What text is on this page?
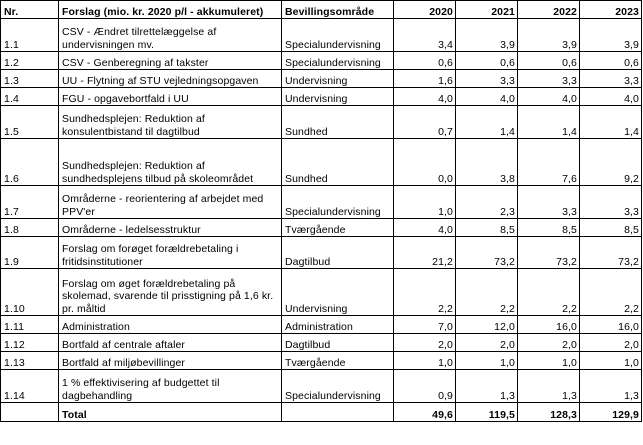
Nr.	Forslag (mio. kr. 2020 p/l - akkumuleret)	Bevillingsområde	2020	2021	2022	2023
1.1	CSV - Ændret tilrettelæggelse af undervisningen mv.	Specialundervisning	3,4	3,9	3,9	3,9
1.2	CSV - Genberegning af takster	Specialundervisning	0,6	0,6	0,6	0,6
1.3	UU - Flytning af STU vejledningsopgaven	Undervisning	1,6	3,3	3,3	3,3
1.4	FGU - opgavebortfald i UU	Undervisning	4,0	4,0	4,0	4,0
1.5	Sundhedsplejen: Reduktion af konsulentbistand til dagtilbud	Sundhed	0,7	1,4	1,4	1,4
1.6	Sundhedsplejen: Reduktion af sundhedsplejens tilbud på skoleområdet	Sundhed	0,0	3,8	7,6	9,2
1.7	Områderne - reorientering af arbejdet med PPV'er	Specialundervisning	1,0	2,3	3,3	3,3
1.8	Områderne - ledelsesstruktur	Tværgående	4,0	8,5	8,5	8,5
1.9	Forslag om forøget forældrebetaling i fritidsinstitutioner	Dagtilbud	21,2	73,2	73,2	73,2
1.10	Forslag om øget forældrebetaling på skolemad, svarende til prisstigning på 1,6 kr. pr. måltid	Undervisning	2,2	2,2	2,2	2,2
1.11	Administration	Administration	7,0	12,0	16,0	16,0
1.12	Bortfald af centrale aftaler	Dagtilbud	2,0	2,0	2,0	2,0
1.13	Bortfald af miljøbevillinger	Tværgående	1,0	1,0	1,0	1,0
1.14	1 % effektivisering af budgettet til dagbehandling	Specialundervisning	0,9	1,3	1,3	1,3
	Total		49,6	119,5	128,3	129,9
